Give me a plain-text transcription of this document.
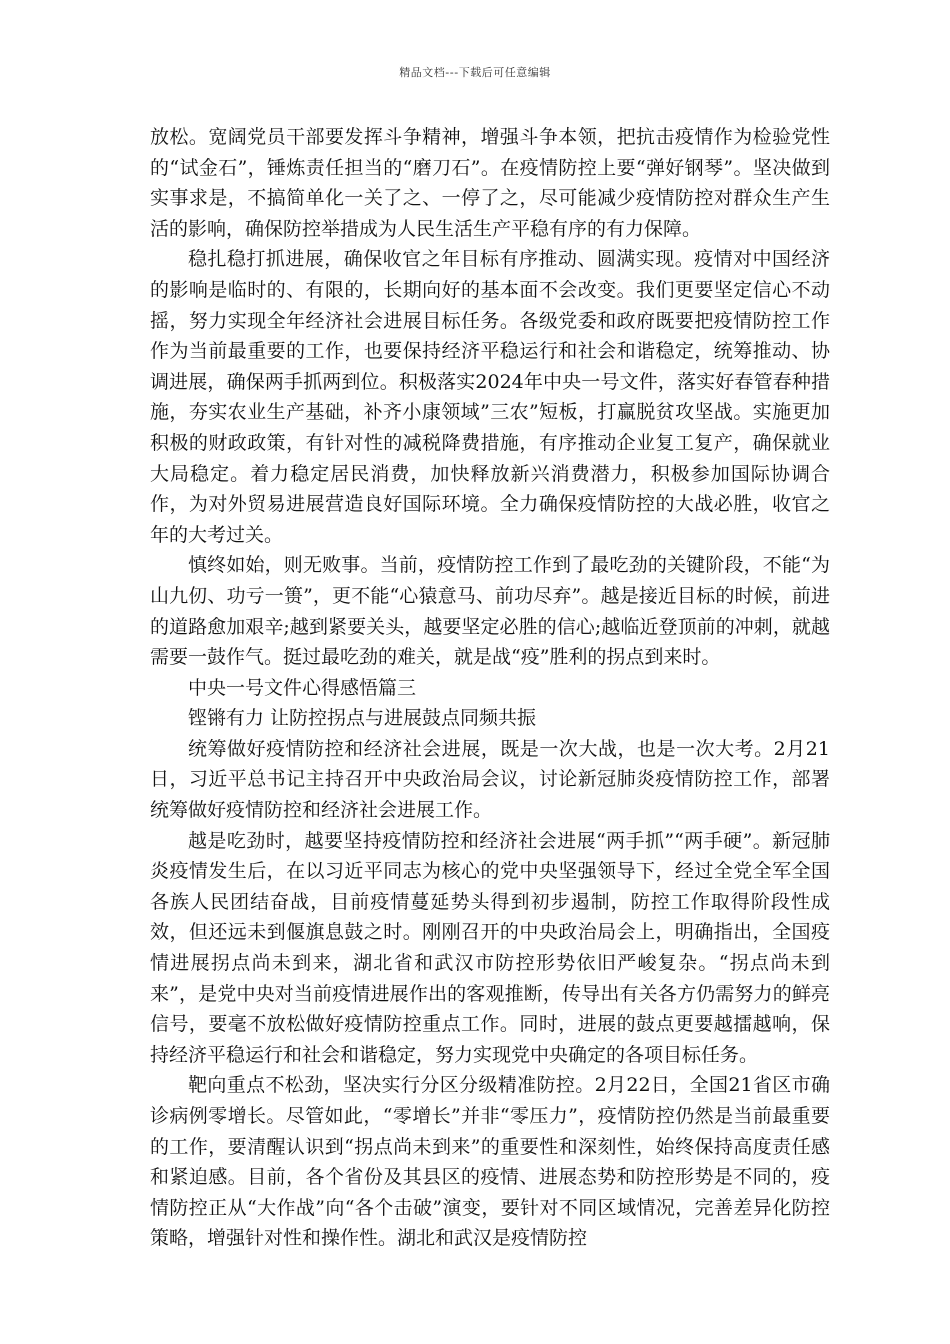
精品文档---下载后可任意编辑

放松。宽阔党员干部要发挥斗争精神，增强斗争本领，把抗击疫情作为检验党性的“试金石”，锤炼责任担当的“磨刀石”。在疫情防控上要“弹好钢琴”。坚决做到实事求是，不搞简单化一关了之、一停了之，尽可能减少疫情防控对群众生产生活的影响，确保防控举措成为人民生活生产平稳有序的有力保障。

稳扎稳打抓进展，确保收官之年目标有序推动、圆满实现。疫情对中国经济的影响是临时的、有限的，长期向好的基本面不会改变。我们更要坚定信心不动摇，努力实现全年经济社会进展目标任务。各级党委和政府既要把疫情防控工作作为当前最重要的工作，也要保持经济平稳运行和社会和谐稳定，统筹推动、协调进展，确保两手抓两到位。积极落实2024年中央一号文件，落实好春管春种措施，夯实农业生产基础，补齐小康领域”三农”短板，打赢脱贫攻坚战。实施更加积极的财政政策，有针对性的减税降费措施，有序推动企业复工复产，确保就业大局稳定。着力稳定居民消费，加快释放新兴消费潜力，积极参加国际协调合作，为对外贸易进展营造良好国际环境。全力确保疫情防控的大战必胜，收官之年的大考过关。

慎终如始，则无败事。当前，疫情防控工作到了最吃劲的关键阶段，不能“为山九仞、功亏一篑”，更不能“心猿意马、前功尽弃”。越是接近目标的时候，前进的道路愈加艰辛;越到紧要关头，越要坚定必胜的信心;越临近登顶前的冲刺，就越需要一鼓作气。挺过最吃劲的难关，就是战“疫”胜利的拐点到来时。

中央一号文件心得感悟篇三

铿锵有力 让防控拐点与进展鼓点同频共振

统筹做好疫情防控和经济社会进展，既是一次大战，也是一次大考。2月21日，习近平总书记主持召开中央政治局会议，讨论新冠肺炎疫情防控工作，部署统筹做好疫情防控和经济社会进展工作。

越是吃劲时，越要坚持疫情防控和经济社会进展“两手抓”“两手硬”。新冠肺炎疫情发生后，在以习近平同志为核心的党中央坚强领导下，经过全党全军全国各族人民团结奋战，目前疫情蔓延势头得到初步遏制，防控工作取得阶段性成效，但还远未到偃旗息鼓之时。刚刚召开的中央政治局会上，明确指出，全国疫情进展拐点尚未到来，湖北省和武汉市防控形势依旧严峻复杂。“拐点尚未到来”，是党中央对当前疫情进展作出的客观推断，传导出有关各方仍需努力的鲜亮信号，要毫不放松做好疫情防控重点工作。同时，进展的鼓点更要越擂越响，保持经济平稳运行和社会和谐稳定，努力实现党中央确定的各项目标任务。

靶向重点不松劲，坚决实行分区分级精准防控。2月22日，全国21省区市确诊病例零增长。尽管如此，“零增长”并非“零压力”，疫情防控仍然是当前最重要的工作，要清醒认识到“拐点尚未到来”的重要性和深刻性，始终保持高度责任感和紧迫感。目前，各个省份及其县区的疫情、进展态势和防控形势是不同的，疫情防控正从“大作战”向“各个击破”演变，要针对不同区域情况，完善差异化防控策略，增强针对性和操作性。湖北和武汉是疫情防控
